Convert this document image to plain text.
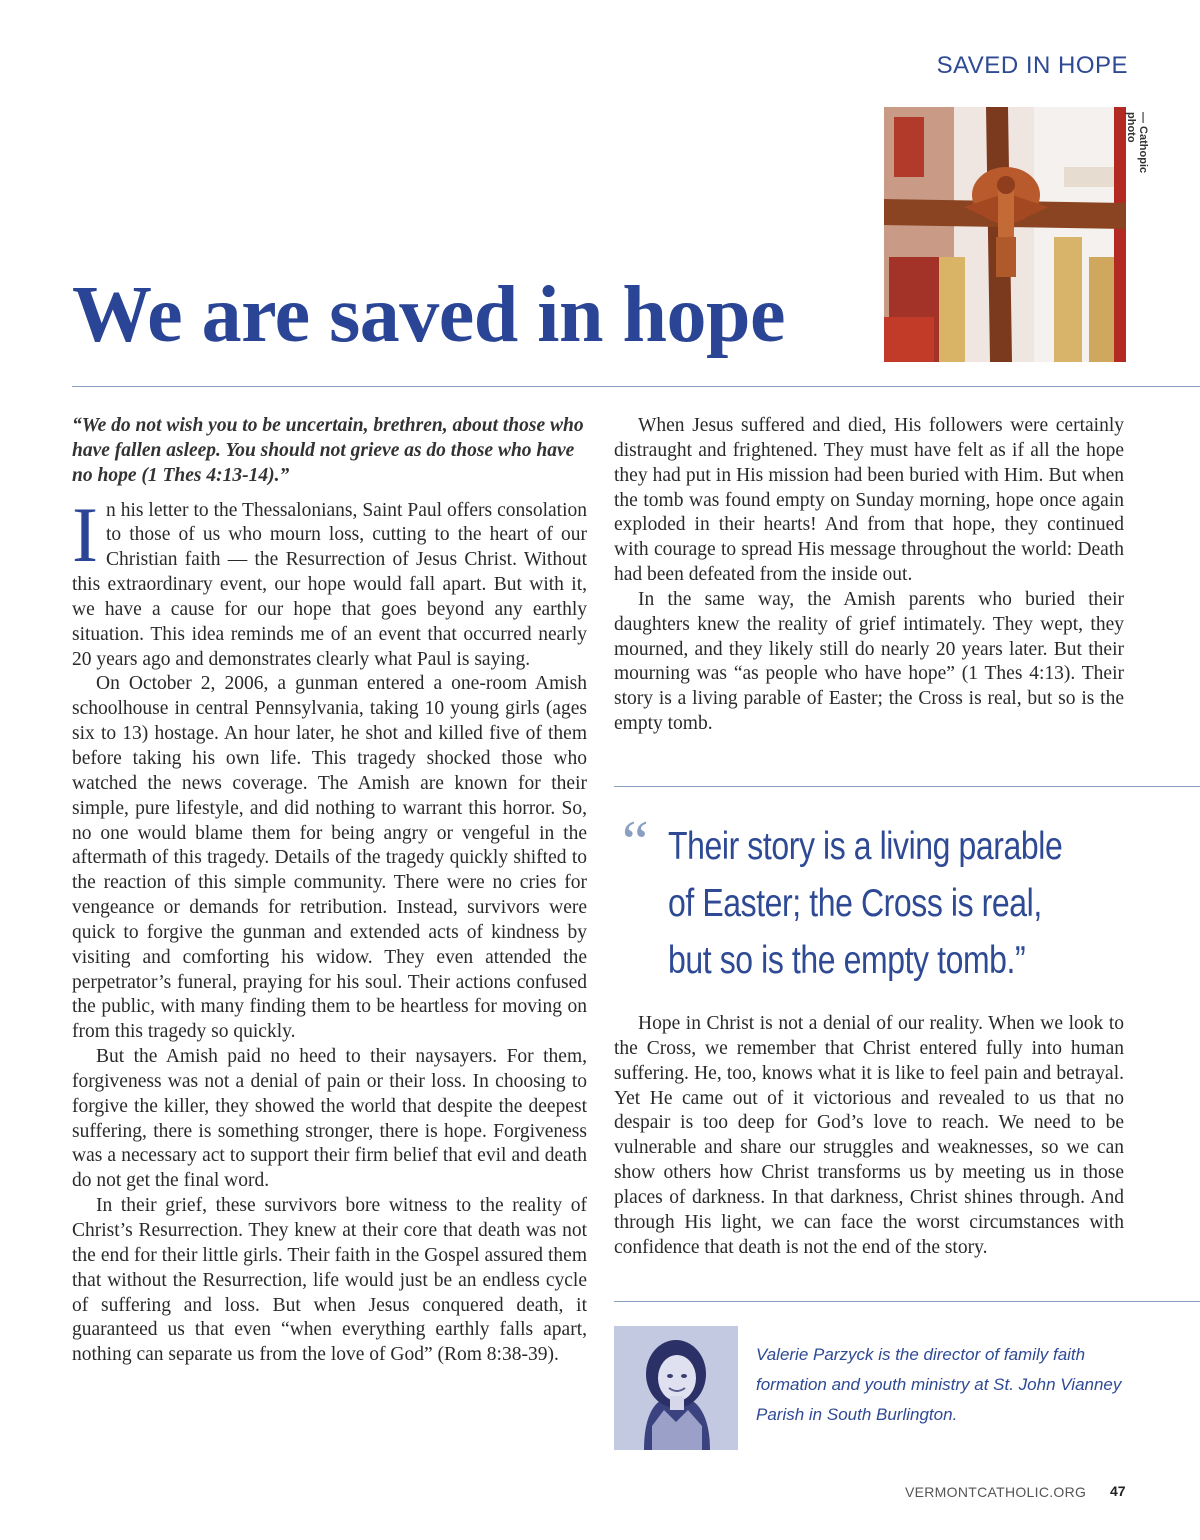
SAVED IN HOPE
— Cathopic photo
We are saved in hope

“We do not wish you to be uncertain, brethren, about those who have fallen asleep. You should not grieve as do those who have no hope (1 Thes 4:13-14).”

In his letter to the Thessalonians, Saint Paul offers consolation to those of us who mourn loss, cutting to the heart of our Christian faith — the Resurrection of Jesus Christ. Without this extraordinary event, our hope would fall apart. But with it, we have a cause for our hope that goes beyond any earthly situation. This idea reminds me of an event that occurred nearly 20 years ago and demonstrates clearly what Paul is saying.

On October 2, 2006, a gunman entered a one-room Amish schoolhouse in central Pennsylvania, taking 10 young girls (ages six to 13) hostage. An hour later, he shot and killed five of them before taking his own life. This tragedy shocked those who watched the news coverage. The Amish are known for their simple, pure lifestyle, and did nothing to warrant this horror. So, no one would blame them for being angry or vengeful in the aftermath of this tragedy. Details of the tragedy quickly shifted to the reaction of this simple community. There were no cries for vengeance or demands for retribution. Instead, survivors were quick to forgive the gunman and extended acts of kindness by visiting and comforting his widow. They even attended the perpetrator’s funeral, praying for his soul. Their actions confused the public, with many finding them to be heartless for moving on from this tragedy so quickly.

But the Amish paid no heed to their naysayers. For them, forgiveness was not a denial of pain or their loss. In choosing to forgive the killer, they showed the world that despite the deepest suffering, there is something stronger, there is hope. Forgiveness was a necessary act to support their firm belief that evil and death do not get the final word.

In their grief, these survivors bore witness to the reality of Christ’s Resurrection. They knew at their core that death was not the end for their little girls. Their faith in the Gospel assured them that without the Resurrection, life would just be an endless cycle of suffering and loss. But when Jesus conquered death, it guaranteed us that even “when everything earthly falls apart, nothing can separate us from the love of God” (Rom 8:38-39).

When Jesus suffered and died, His followers were certainly distraught and frightened. They must have felt as if all the hope they had put in His mission had been buried with Him. But when the tomb was found empty on Sunday morning, hope once again exploded in their hearts! And from that hope, they continued with courage to spread His message throughout the world: Death had been defeated from the inside out.

In the same way, the Amish parents who buried their daughters knew the reality of grief intimately. They wept, they mourned, and they likely still do nearly 20 years later. But their mourning was “as people who have hope” (1 Thes 4:13). Their story is a living parable of Easter; the Cross is real, but so is the empty tomb.

“ Their story is a living parable
of Easter; the Cross is real,
but so is the empty tomb.”

Hope in Christ is not a denial of our reality. When we look to the Cross, we remember that Christ entered fully into human suffering. He, too, knows what it is like to feel pain and betrayal. Yet He came out of it victorious and revealed to us that no despair is too deep for God’s love to reach. We need to be vulnerable and share our struggles and weaknesses, so we can show others how Christ transforms us by meeting us in those places of darkness. In that darkness, Christ shines through. And through His light, we can face the worst circumstances with confidence that death is not the end of the story.

Valerie Parzyck is the director of family faith formation and youth ministry at St. John Vianney Parish in South Burlington.
VERMONTCATHOLIC.ORG 47
